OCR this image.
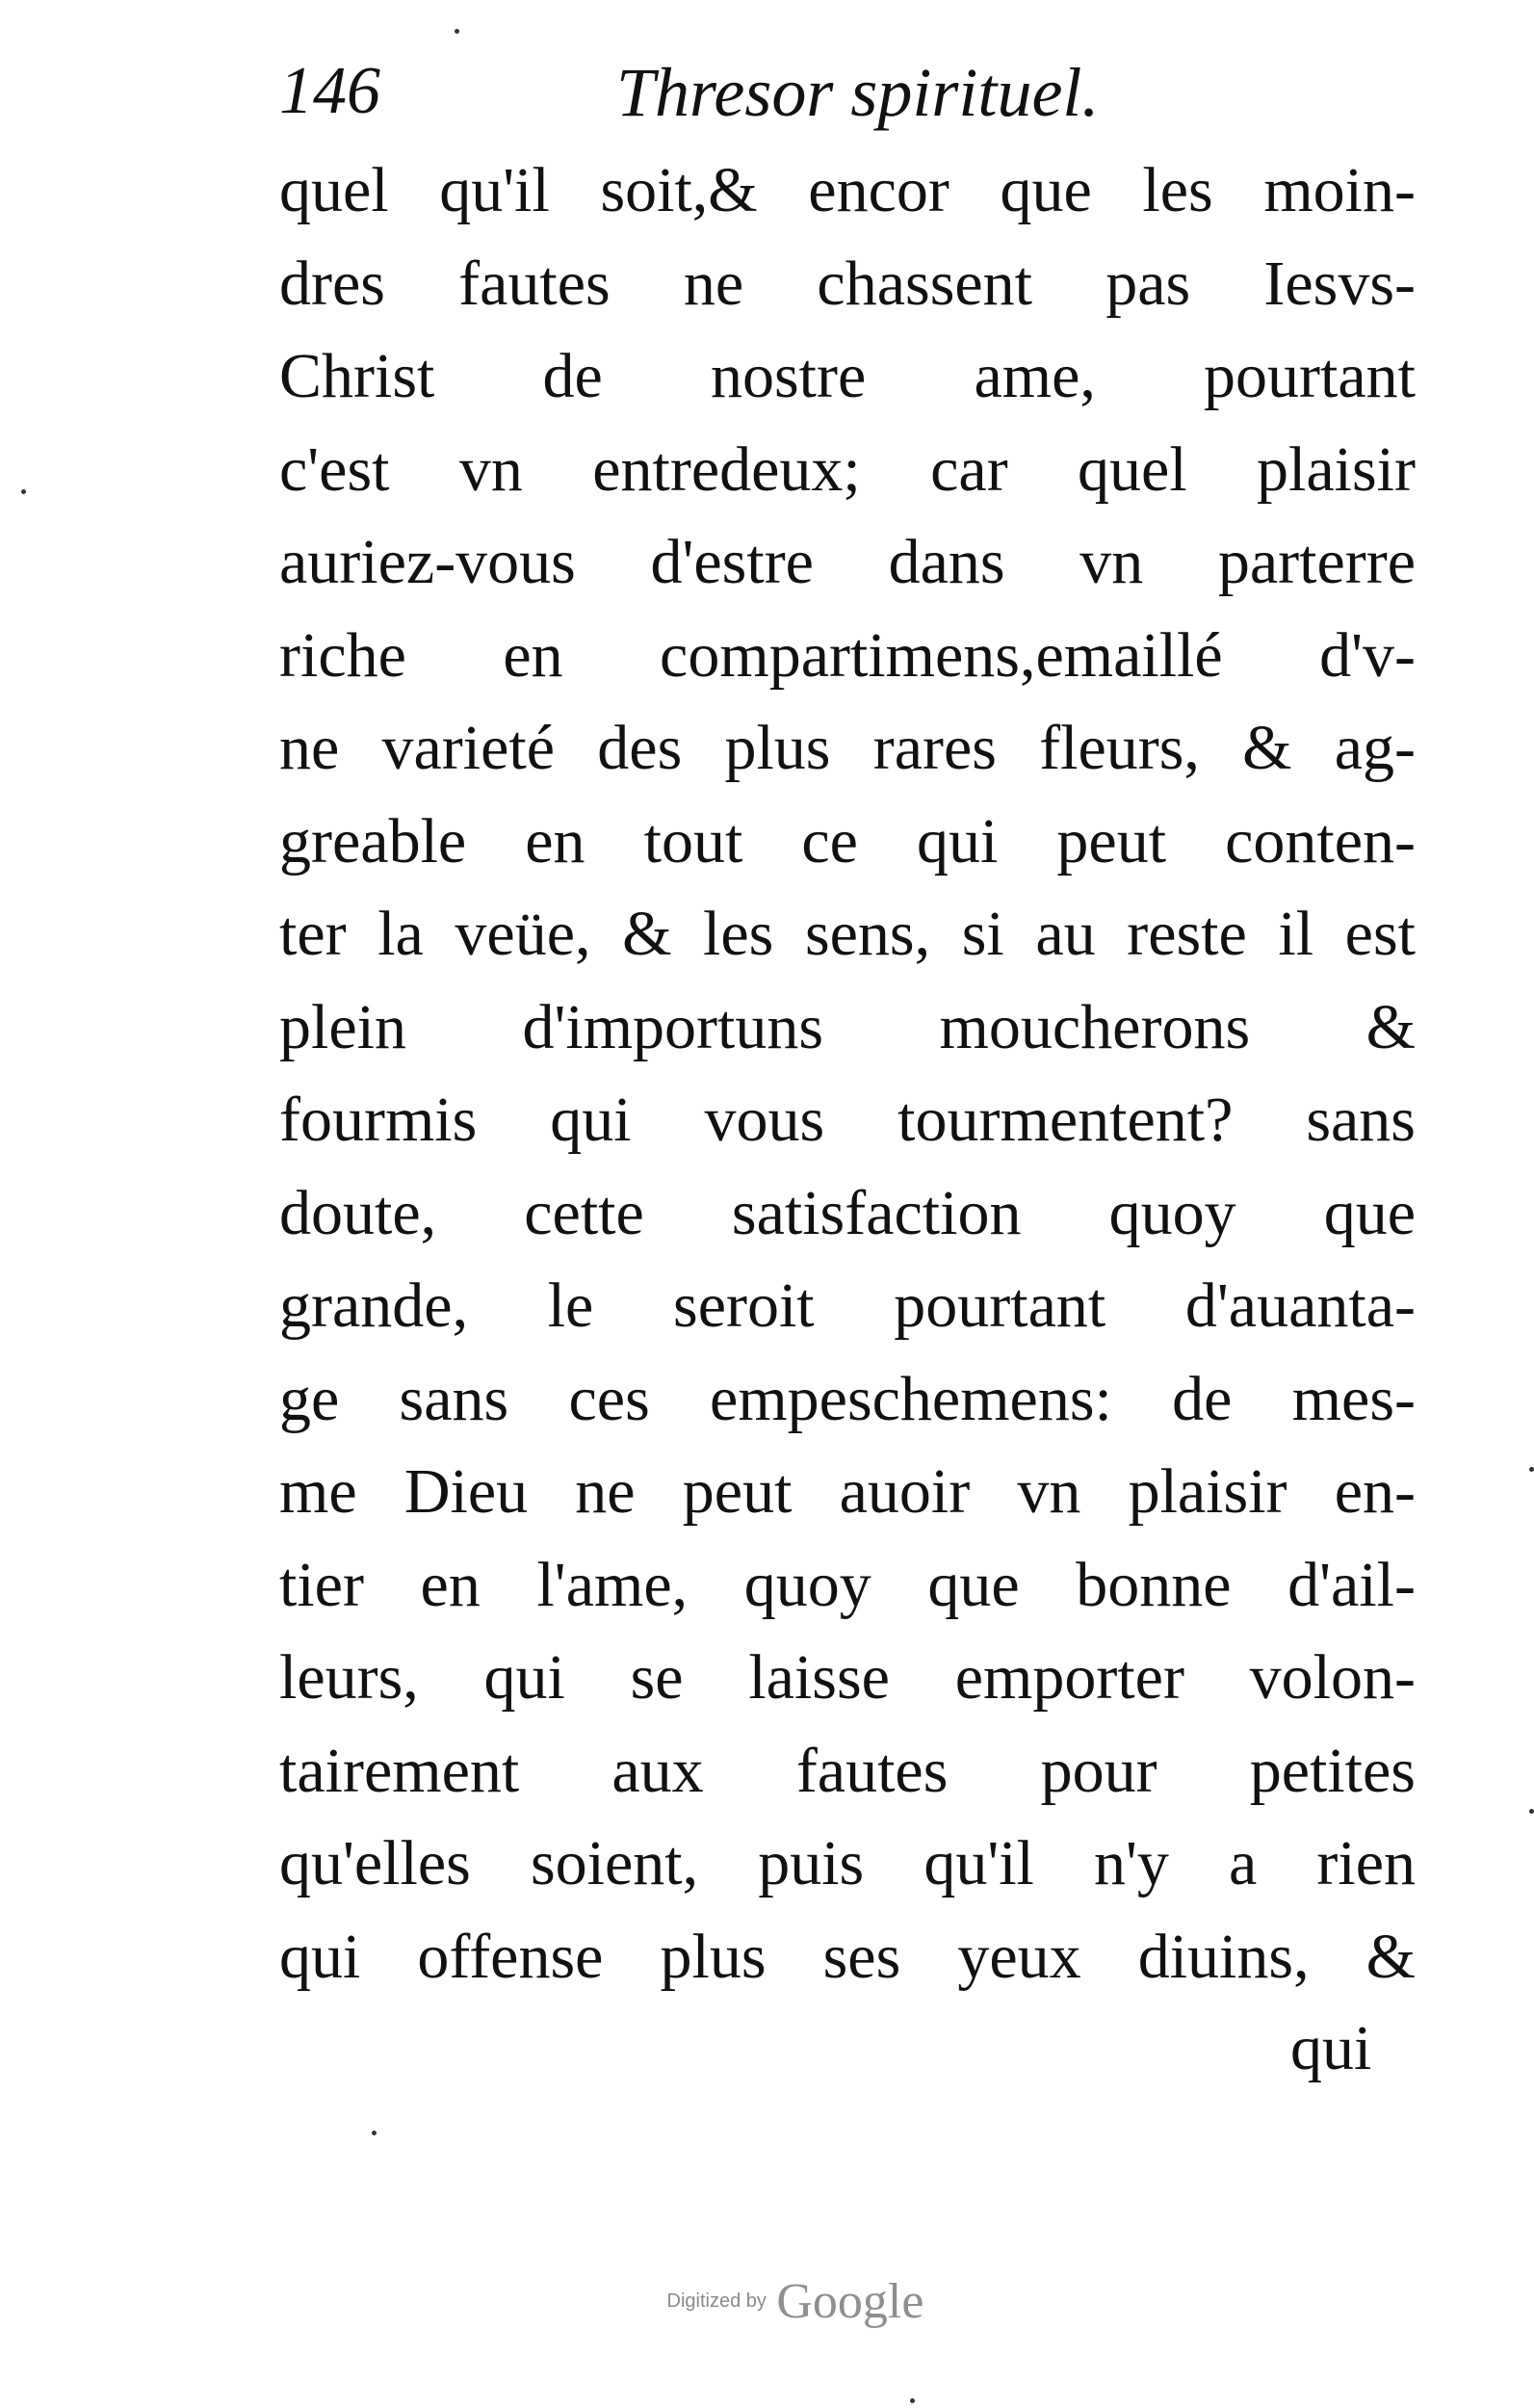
146	Thresor spirituel.
quel qu'il soit,& encor que les moin-
dres fautes ne chassent pas Iesvs-
Christ de nostre ame, pourtant
c'est vn entredeux; car quel plaisir
auriez-vous d'estre dans vn parterre
riche en compartimens,emaillé d'v-
ne varieté des plus rares fleurs, & ag-
greable en tout ce qui peut conten-
ter la veüe, & les sens, si au reste il est
plein d'importuns moucherons &
fourmis qui vous tourmentent? sans
doute, cette satisfaction quoy que
grande, le seroit pourtant d'auanta-
ge sans ces empeschemens: de mes-
me Dieu ne peut auoir vn plaisir en-
tier en l'ame, quoy que bonne d'ail-
leurs, qui se laisse emporter volon-
tairement aux fautes pour petites
qu'elles soient, puis qu'il n'y a rien
qui offense plus ses yeux diuins, &
qui
Digitized by Google
